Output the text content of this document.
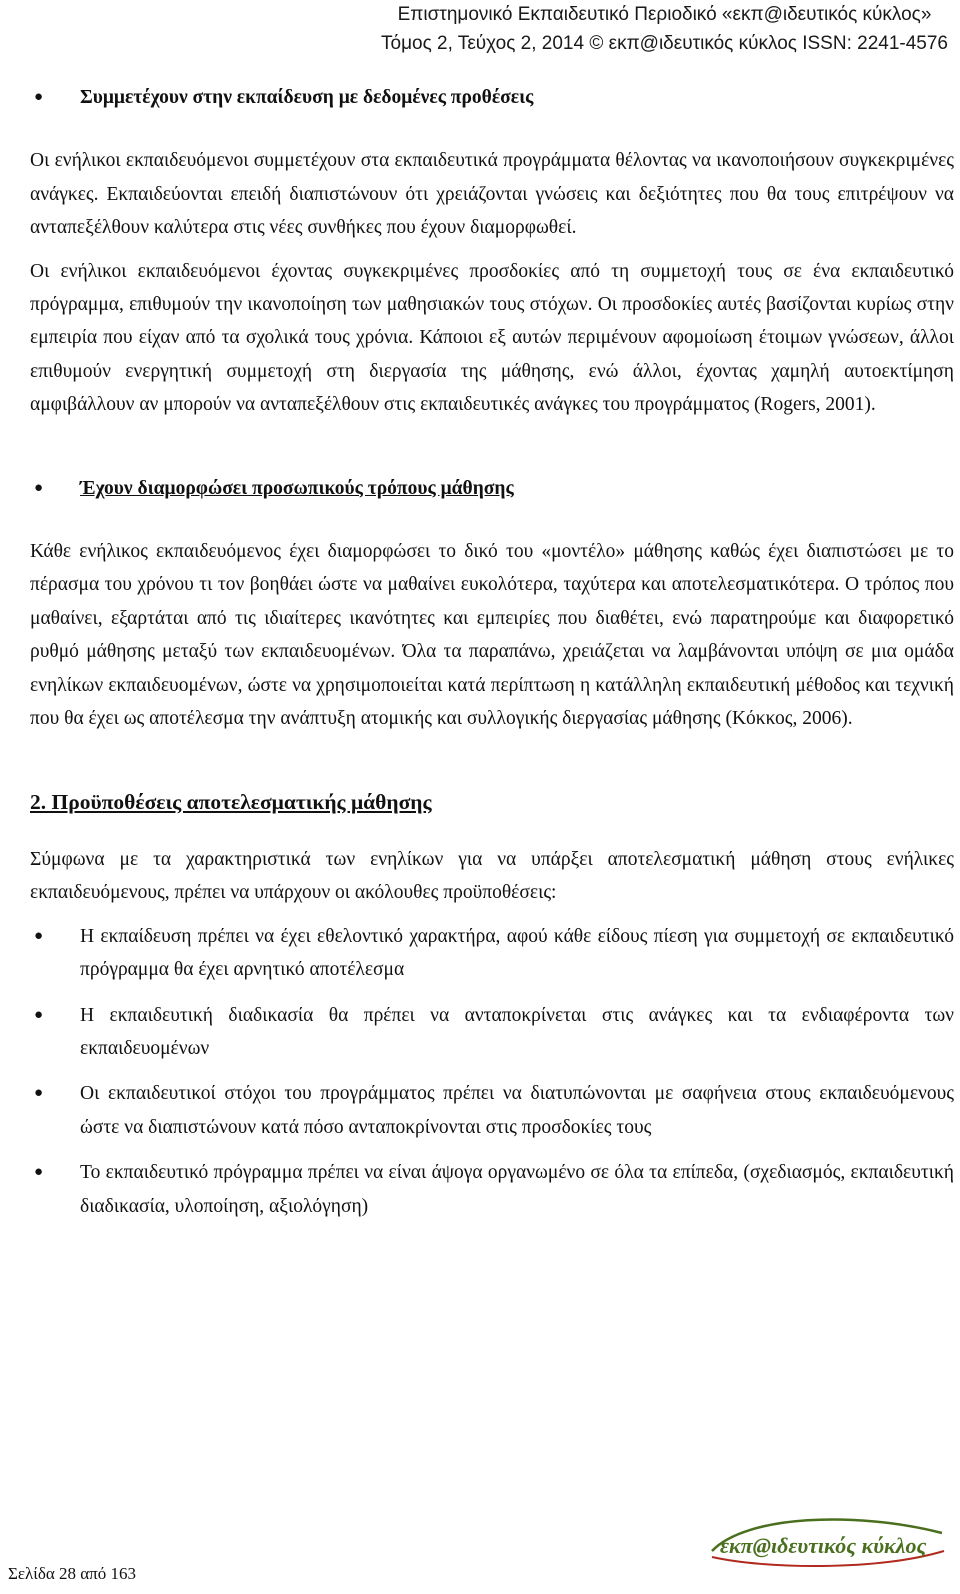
Επιστημονικό Εκπαιδευτικό Περιοδικό «εκπ@ιδευτικός κύκλος»
Τόμος 2, Τεύχος 2, 2014 © εκπ@ιδευτικός κύκλος ISSN: 2241-4576
●	Συμμετέχουν στην εκπαίδευση με δεδομένες προθέσεις

Οι ενήλικοι εκπαιδευόμενοι συμμετέχουν στα εκπαιδευτικά προγράμματα θέλοντας να ικανοποιήσουν συγκεκριμένες ανάγκες. Εκπαιδεύονται επειδή διαπιστώνουν ότι χρειάζονται γνώσεις και δεξιότητες που θα τους επιτρέψουν να ανταπεξέλθουν καλύτερα στις νέες συνθήκες που έχουν διαμορφωθεί.

Οι ενήλικοι εκπαιδευόμενοι έχοντας συγκεκριμένες προσδοκίες από τη συμμετοχή τους σε ένα εκπαιδευτικό πρόγραμμα, επιθυμούν την ικανοποίηση των μαθησιακών τους στόχων. Οι προσδοκίες αυτές βασίζονται κυρίως στην εμπειρία που είχαν από τα σχολικά τους χρόνια. Κάποιοι εξ αυτών περιμένουν αφομοίωση έτοιμων γνώσεων, άλλοι επιθυμούν ενεργητική συμμετοχή στη διεργασία της μάθησης, ενώ άλλοι, έχοντας χαμηλή αυτοεκτίμηση αμφιβάλλουν αν μπορούν να ανταπεξέλθουν στις εκπαιδευτικές ανάγκες του προγράμματος (Rogers, 2001).

●	Έχουν διαμορφώσει προσωπικούς τρόπους μάθησης

Κάθε ενήλικος εκπαιδευόμενος έχει διαμορφώσει το δικό του «μοντέλο» μάθησης καθώς έχει διαπιστώσει με το πέρασμα του χρόνου τι τον βοηθάει ώστε να μαθαίνει ευκολότερα, ταχύτερα και αποτελεσματικότερα. Ο τρόπος που μαθαίνει, εξαρτάται από τις ιδιαίτερες ικανότητες και εμπειρίες που διαθέτει, ενώ παρατηρούμε και διαφορετικό ρυθμό μάθησης μεταξύ των εκπαιδευομένων. Όλα τα παραπάνω, χρειάζεται να λαμβάνονται υπόψη σε μια ομάδα ενηλίκων εκπαιδευομένων, ώστε να χρησιμοποιείται κατά περίπτωση η κατάλληλη εκπαιδευτική μέθοδος και τεχνική που θα έχει ως αποτέλεσμα την ανάπτυξη ατομικής και συλλογικής διεργασίας μάθησης (Κόκκος, 2006).

2. Προϋποθέσεις αποτελεσματικής μάθησης

Σύμφωνα με τα χαρακτηριστικά των ενηλίκων για να υπάρξει αποτελεσματική μάθηση στους ενήλικες εκπαιδευόμενους, πρέπει να υπάρχουν οι ακόλουθες προϋποθέσεις:

●	Η εκπαίδευση πρέπει να έχει εθελοντικό χαρακτήρα, αφού κάθε είδους πίεση για συμμετοχή σε εκπαιδευτικό πρόγραμμα θα έχει αρνητικό αποτέλεσμα
●	Η εκπαιδευτική διαδικασία θα πρέπει να ανταποκρίνεται στις ανάγκες και τα ενδιαφέροντα των εκπαιδευομένων
●	Οι εκπαιδευτικοί στόχοι του προγράμματος πρέπει να διατυπώνονται με σαφήνεια στους εκπαιδευόμενους ώστε να διαπιστώνουν κατά πόσο ανταποκρίνονται στις προσδοκίες τους
●	Το εκπαιδευτικό πρόγραμμα πρέπει να είναι άψογα οργανωμένο σε όλα τα επίπεδα, (σχεδιασμός, εκπαιδευτική διαδικασία, υλοποίηση, αξιολόγηση)
Σελίδα 28 από 163
εκπ@ιδευτικός κύκλος
